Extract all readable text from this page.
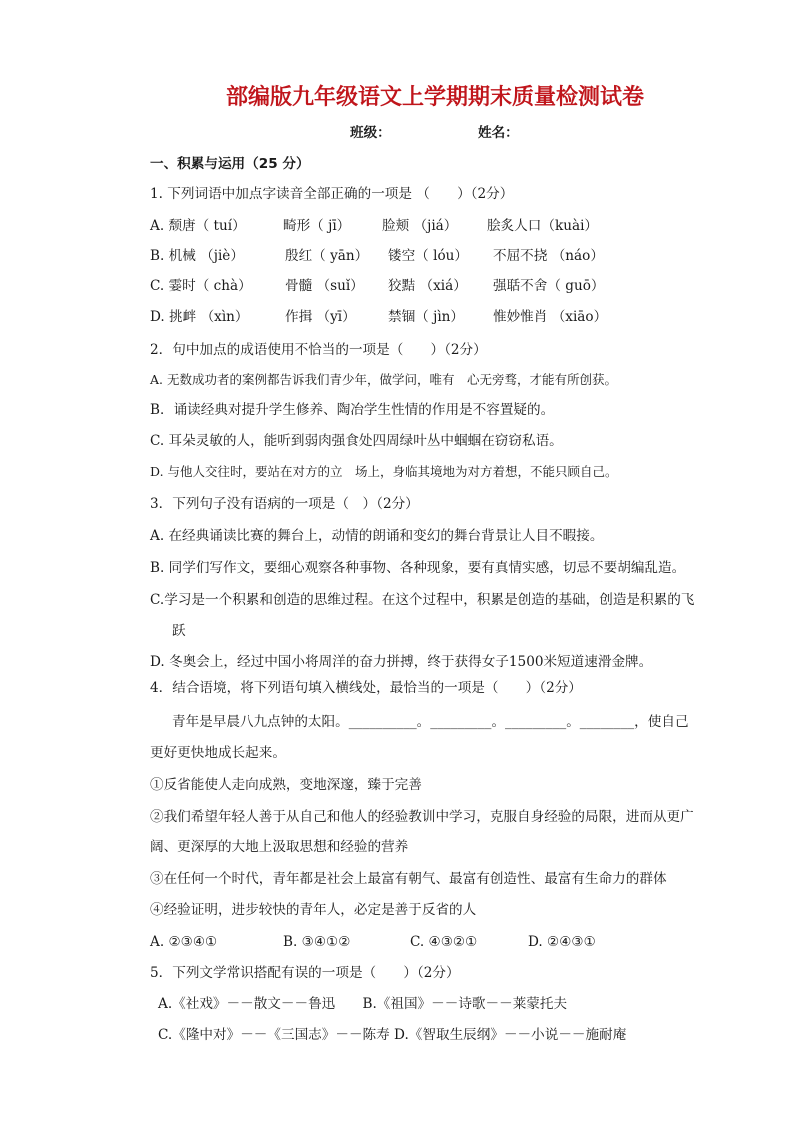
部编版九年级语文上学期期末质量检测试卷
班级：	姓名：
一、积累与运用（25 分）
1. 下列词语中加点字读音全部正确的一项是 （　　）（2分）
A. 颓唐（ tuí）	畸形（ jī） 脸颊 （jiá） 脍炙人口（kuài）
B. 机械 （jiè）	殷红（ yān） 镂空（ lóu） 不屈不挠 （náo）
C. 霎时（ chà） 骨髓 （suǐ） 狡黠 （xiá） 强聒不舍（ guō）
D. 挑衅 （xìn）	作揖 （yī） 禁锢（ jìn） 惟妙惟肖 （xiāo）
2．句中加点的成语使用不恰当的一项是（　　）（2分）
A. 无数成功者的案例都告诉我们青少年，做学问，唯有　心无旁骛，才能有所创获。
B．诵读经典对提升学生修养、陶冶学生性情的作用是不容置疑的。
C. 耳朵灵敏的人，能听到弱肉强食处四周绿叶丛中蝈蝈在窃窃私语。
D. 与他人交往时，要站在对方的立　场上，身临其境地为对方着想，不能只顾自己。
3．下列句子没有语病的一项是（　）（2分）
A. 在经典诵读比赛的舞台上，动情的朗诵和变幻的舞台背景让人目不暇接。
B. 同学们写作文，要细心观察各种事物、各种现象，要有真情实感，切忌不要胡编乱造。
C.学习是一个积累和创造的思维过程。在这个过程中，积累是创造的基础，创造是积累的飞
跃
D. 冬奥会上，经过中国小将周洋的奋力拼搏，终于获得女子1500米短道速滑金牌。
4．结合语境，将下列语句填入横线处，最恰当的一项是（　　）（2分）
青年是早晨八九点钟的太阳。__________。_________。_________。________，使自己
更好更快地成长起来。
①反省能使人走向成熟，变地深邃，臻于完善
②我们希望年轻人善于从自己和他人的经验教训中学习，克服自身经验的局限，进而从更广
阔、更深厚的大地上汲取思想和经验的营养
③在任何一个时代，青年都是社会上最富有朝气、最富有创造性、最富有生命力的群体
④经验证明，进步较快的青年人，必定是善于反省的人
A. ②③④①	B. ③④①②	C. ④③②①	D. ②④③①
5．下列文学常识搭配有误的一项是（　　）（2分）
A.《社戏》－－散文－－鲁迅　　B.《祖国》－－诗歌－－莱蒙托夫
C.《隆中对》－－《三国志》－－陈寿 D.《智取生辰纲》－－小说－－施耐庵
